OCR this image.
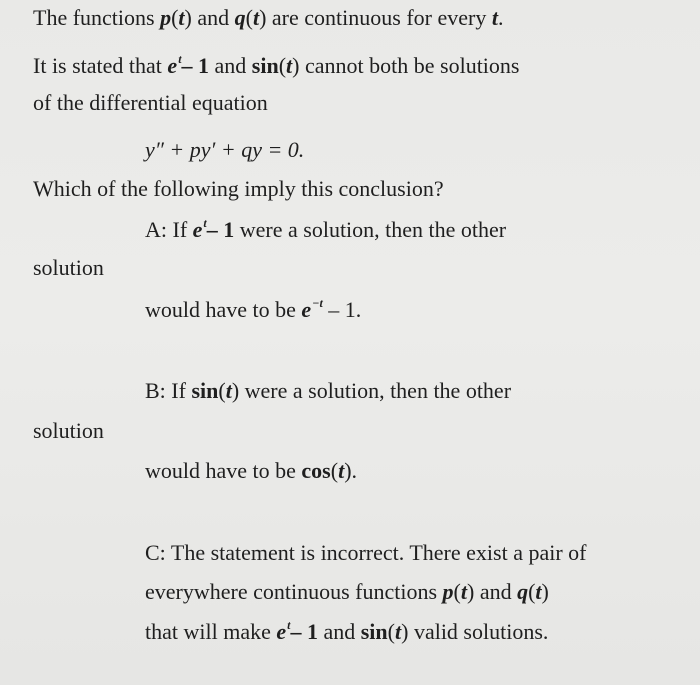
The functions p(t) and q(t) are continuous for every t.
It is stated that $e^t-$ 1 and sin(t) cannot both be solutions
of the differential equation
y″ + py′ + qy = 0.
Which of the following imply this conclusion?
A: If $e^t-$ 1 were a solution, then the other
solution
would have to be $e^{-t} - 1$.
B: If sin(t) were a solution, then the other
solution
would have to be cos(t).
C: The statement is incorrect. There exist a pair of
everywhere continuous functions p(t) and q(t)
that will make $e^t-$ 1 and sin(t) valid solutions.
